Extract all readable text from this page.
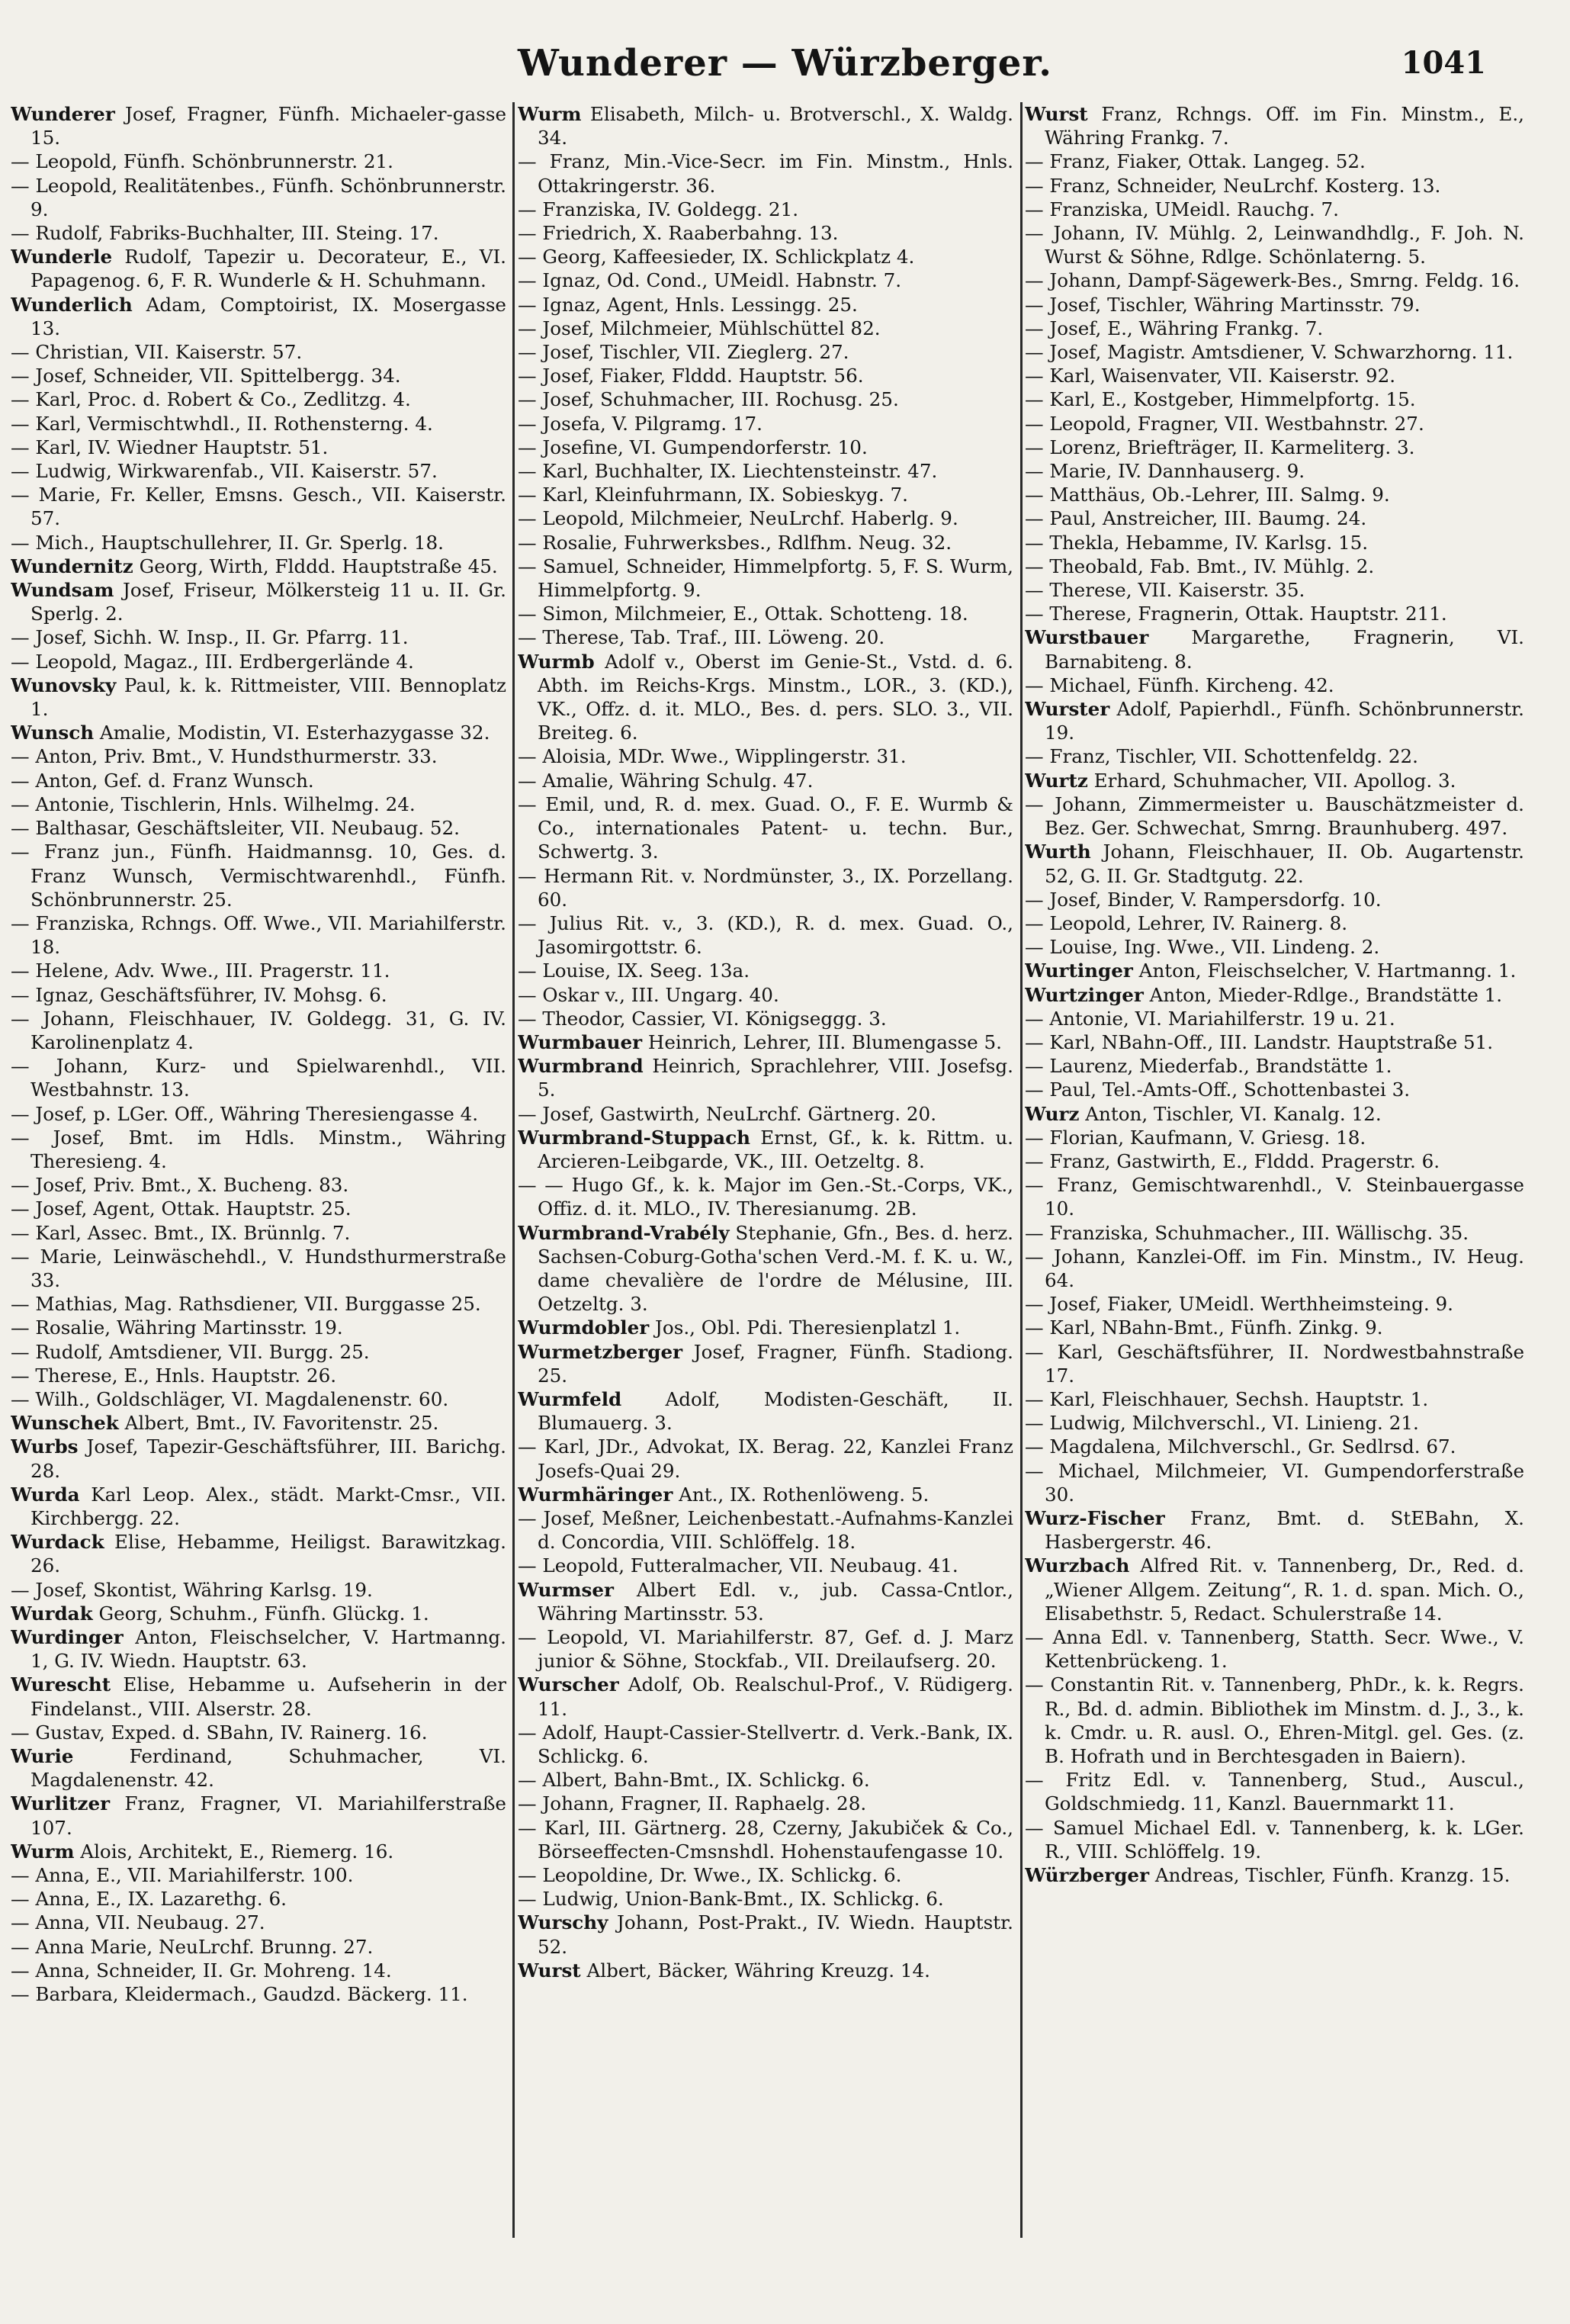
Wunderer — Würzberger.	1041

Wunderer Josef, Fragner, Fünfh. Michaeler-gasse 15.

— Leopold, Fünfh. Schönbrunnerstr. 21.

— Leopold, Realitätenbes., Fünfh. Schönbrunnerstr. 9.

— Rudolf, Fabriks-Buchhalter, III. Steing. 17.

Wunderle Rudolf, Tapezir u. Decorateur, E., VI. Papagenog. 6, F. R. Wunderle & H. Schuhmann.

Wunderlich Adam, Comptoirist, IX. Mosergasse 13.

— Christian, VII. Kaiserstr. 57.

— Josef, Schneider, VII. Spittelbergg. 34.

— Karl, Proc. d. Robert & Co., Zedlitzg. 4.

— Karl, Vermischtwhdl., II. Rothensterng. 4.

— Karl, IV. Wiedner Hauptstr. 51.

— Ludwig, Wirkwarenfab., VII. Kaiserstr. 57.

— Marie, Fr. Keller, Emsns. Gesch., VII. Kaiserstr. 57.

— Mich., Hauptschullehrer, II. Gr. Sperlg. 18.

Wundernitz Georg, Wirth, Flddd. Hauptstraße 45.

Wundsam Josef, Friseur, Mölkersteig 11 u. II. Gr. Sperlg. 2.

— Josef, Sichh. W. Insp., II. Gr. Pfarrg. 11.

— Leopold, Magaz., III. Erdbergerlände 4.

Wunovsky Paul, k. k. Rittmeister, VIII. Bennoplatz 1.

Wunsch Amalie, Modistin, VI. Esterhazygasse 32.

— Anton, Priv. Bmt., V. Hundsthurmerstr. 33.

— Anton, Gef. d. Franz Wunsch.

— Antonie, Tischlerin, Hnls. Wilhelmg. 24.

— Balthasar, Geschäftsleiter, VII. Neubaug. 52.

— Franz jun., Fünfh. Haidmannsg. 10, Ges. d. Franz Wunsch, Vermischtwarenhdl., Fünfh. Schönbrunnerstr. 25.

— Franziska, Rchngs. Off. Wwe., VII. Mariahilferstr. 18.

— Helene, Adv. Wwe., III. Pragerstr. 11.

— Ignaz, Geschäftsführer, IV. Mohsg. 6.

— Johann, Fleischhauer, IV. Goldegg. 31, G. IV. Karolinenplatz 4.

— Johann, Kurz- und Spielwarenhdl., VII. Westbahnstr. 13.

— Josef, p. LGer. Off., Währing Theresiengasse 4.

— Josef, Bmt. im Hdls. Minstm., Währing Theresieng. 4.

— Josef, Priv. Bmt., X. Bucheng. 83.

— Josef, Agent, Ottak. Hauptstr. 25.

— Karl, Assec. Bmt., IX. Brünnlg. 7.

— Marie, Leinwäschehdl., V. Hundsthurmerstraße 33.

— Mathias, Mag. Rathsdiener, VII. Burggasse 25.

— Rosalie, Währing Martinsstr. 19.

— Rudolf, Amtsdiener, VII. Burgg. 25.

— Therese, E., Hnls. Hauptstr. 26.

— Wilh., Goldschläger, VI. Magdalenenstr. 60.

Wunschek Albert, Bmt., IV. Favoritenstr. 25.

Wurbs Josef, Tapezir-Geschäftsführer, III. Barichg. 28.

Wurda Karl Leop. Alex., städt. Markt-Cmsr., VII. Kirchbergg. 22.

Wurdack Elise, Hebamme, Heiligst. Barawitzkag. 26.

— Josef, Skontist, Währing Karlsg. 19.

Wurdak Georg, Schuhm., Fünfh. Glückg. 1.

Wurdinger Anton, Fleischselcher, V. Hartmanng. 1, G. IV. Wiedn. Hauptstr. 63.

Wurescht Elise, Hebamme u. Aufseherin in der Findelanst., VIII. Alserstr. 28.

— Gustav, Exped. d. SBahn, IV. Rainerg. 16.

Wurie Ferdinand, Schuhmacher, VI. Magdalenenstr. 42.

Wurlitzer Franz, Fragner, VI. Mariahilferstraße 107.

Wurm Alois, Architekt, E., Riemerg. 16.

— Anna, E., VII. Mariahilferstr. 100.

— Anna, E., IX. Lazarethg. 6.

— Anna, VII. Neubaug. 27.

— Anna Marie, NeuLrchf. Brunng. 27.

— Anna, Schneider, II. Gr. Mohreng. 14.

— Barbara, Kleidermach., Gaudzd. Bäckerg. 11.

Wurm Elisabeth, Milch- u. Brotverschl., X. Waldg. 34.

— Franz, Min.-Vice-Secr. im Fin. Minstm., Hnls. Ottakringerstr. 36.

— Franziska, IV. Goldegg. 21.

— Friedrich, X. Raaberbahng. 13.

— Georg, Kaffeesieder, IX. Schlickplatz 4.

— Ignaz, Od. Cond., UMeidl. Habnstr. 7.

— Ignaz, Agent, Hnls. Lessingg. 25.

— Josef, Milchmeier, Mühlschüttel 82.

— Josef, Tischler, VII. Zieglerg. 27.

— Josef, Fiaker, Flddd. Hauptstr. 56.

— Josef, Schuhmacher, III. Rochusg. 25.

— Josefa, V. Pilgramg. 17.

— Josefine, VI. Gumpendorferstr. 10.

— Karl, Buchhalter, IX. Liechtensteinstr. 47.

— Karl, Kleinfuhrmann, IX. Sobieskyg. 7.

— Leopold, Milchmeier, NeuLrchf. Haberlg. 9.

— Rosalie, Fuhrwerksbes., Rdlfhm. Neug. 32.

— Samuel, Schneider, Himmelpfortg. 5, F. S. Wurm, Himmelpfortg. 9.

— Simon, Milchmeier, E., Ottak. Schotteng. 18.

— Therese, Tab. Traf., III. Löweng. 20.

Wurmb Adolf v., Oberst im Genie-St., Vstd. d. 6. Abth. im Reichs-Krgs. Minstm., LOR., 3. (KD.), VK., Offz. d. it. MLO., Bes. d. pers. SLO. 3., VII. Breiteg. 6.

— Aloisia, MDr. Wwe., Wipplingerstr. 31.

— Amalie, Währing Schulg. 47.

— Emil, und, R. d. mex. Guad. O., F. E. Wurmb & Co., internationales Patent- u. techn. Bur., Schwertg. 3.

— Hermann Rit. v. Nordmünster, 3., IX. Porzellang. 60.

— Julius Rit. v., 3. (KD.), R. d. mex. Guad. O., Jasomirgottstr. 6.

— Louise, IX. Seeg. 13a.

— Oskar v., III. Ungarg. 40.

— Theodor, Cassier, VI. Königseggg. 3.

Wurmbauer Heinrich, Lehrer, III. Blumengasse 5.

Wurmbrand Heinrich, Sprachlehrer, VIII. Josefsg. 5.

— Josef, Gastwirth, NeuLrchf. Gärtnerg. 20.

Wurmbrand-Stuppach Ernst, Gf., k. k. Rittm. u. Arcieren-Leibgarde, VK., III. Oetzeltg. 8.

— — Hugo Gf., k. k. Major im Gen.-St.-Corps, VK., Offiz. d. it. MLO., IV. Theresianumg. 2B.

Wurmbrand-Vrabély Stephanie, Gfn., Bes. d. herz. Sachsen-Coburg-Gotha'schen Verd.-M. f. K. u. W., dame chevalière de l'ordre de Mélusine, III. Oetzeltg. 3.

Wurmdobler Jos., Obl. Pdi. Theresienplatzl 1.

Wurmetzberger Josef, Fragner, Fünfh. Stadiong. 25.

Wurmfeld Adolf, Modisten-Geschäft, II. Blumauerg. 3.

— Karl, JDr., Advokat, IX. Berag. 22, Kanzlei Franz Josefs-Quai 29.

Wurmhäringer Ant., IX. Rothenlöweng. 5.

— Josef, Meßner, Leichenbestatt.-Aufnahms-Kanzlei d. Concordia, VIII. Schlöffelg. 18.

— Leopold, Futteralmacher, VII. Neubaug. 41.

Wurmser Albert Edl. v., jub. Cassa-Cntlor., Währing Martinsstr. 53.

— Leopold, VI. Mariahilferstr. 87, Gef. d. J. Marz junior & Söhne, Stockfab., VII. Dreilaufserg. 20.

Wurscher Adolf, Ob. Realschul-Prof., V. Rüdigerg. 11.

— Adolf, Haupt-Cassier-Stellvertr. d. Verk.-Bank, IX. Schlickg. 6.

— Albert, Bahn-Bmt., IX. Schlickg. 6.

— Johann, Fragner, II. Raphaelg. 28.

— Karl, III. Gärtnerg. 28, Czerny, Jakubiček & Co., Börseeffecten-Cmsnshdl. Hohenstaufengasse 10.

— Leopoldine, Dr. Wwe., IX. Schlickg. 6.

— Ludwig, Union-Bank-Bmt., IX. Schlickg. 6.

Wurschy Johann, Post-Prakt., IV. Wiedn. Hauptstr. 52.

Wurst Albert, Bäcker, Währing Kreuzg. 14.

Wurst Franz, Rchngs. Off. im Fin. Minstm., E., Währing Frankg. 7.

— Franz, Fiaker, Ottak. Langeg. 52.

— Franz, Schneider, NeuLrchf. Kosterg. 13.

— Franziska, UMeidl. Rauchg. 7.

— Johann, IV. Mühlg. 2, Leinwandhdlg., F. Joh. N. Wurst & Söhne, Rdlge. Schönlaterng. 5.

— Johann, Dampf-Sägewerk-Bes., Smrng. Feldg. 16.

— Josef, Tischler, Währing Martinsstr. 79.

— Josef, E., Währing Frankg. 7.

— Josef, Magistr. Amtsdiener, V. Schwarzhorng. 11.

— Karl, Waisenvater, VII. Kaiserstr. 92.

— Karl, E., Kostgeber, Himmelpfortg. 15.

— Leopold, Fragner, VII. Westbahnstr. 27.

— Lorenz, Briefträger, II. Karmeliterg. 3.

— Marie, IV. Dannhauserg. 9.

— Matthäus, Ob.-Lehrer, III. Salmg. 9.

— Paul, Anstreicher, III. Baumg. 24.

— Thekla, Hebamme, IV. Karlsg. 15.

— Theobald, Fab. Bmt., IV. Mühlg. 2.

— Therese, VII. Kaiserstr. 35.

— Therese, Fragnerin, Ottak. Hauptstr. 211.

Wurstbauer Margarethe, Fragnerin, VI. Barnabiteng. 8.

— Michael, Fünfh. Kircheng. 42.

Wurster Adolf, Papierhdl., Fünfh. Schönbrunnerstr. 19.

— Franz, Tischler, VII. Schottenfeldg. 22.

Wurtz Erhard, Schuhmacher, VII. Apollog. 3.

— Johann, Zimmermeister u. Bauschätzmeister d. Bez. Ger. Schwechat, Smrng. Braunhuberg. 497.

Wurth Johann, Fleischhauer, II. Ob. Augartenstr. 52, G. II. Gr. Stadtgutg. 22.

— Josef, Binder, V. Rampersdorfg. 10.

— Leopold, Lehrer, IV. Rainerg. 8.

— Louise, Ing. Wwe., VII. Lindeng. 2.

Wurtinger Anton, Fleischselcher, V. Hartmanng. 1.

Wurtzinger Anton, Mieder-Rdlge., Brandstätte 1.

— Antonie, VI. Mariahilferstr. 19 u. 21.

— Karl, NBahn-Off., III. Landstr. Hauptstraße 51.

— Laurenz, Miederfab., Brandstätte 1.

— Paul, Tel.-Amts-Off., Schottenbastei 3.

Wurz Anton, Tischler, VI. Kanalg. 12.

— Florian, Kaufmann, V. Griesg. 18.

— Franz, Gastwirth, E., Flddd. Pragerstr. 6.

— Franz, Gemischtwarenhdl., V. Steinbauergasse 10.

— Franziska, Schuhmacher., III. Wällischg. 35.

— Johann, Kanzlei-Off. im Fin. Minstm., IV. Heug. 64.

— Josef, Fiaker, UMeidl. Werthheimsteing. 9.

— Karl, NBahn-Bmt., Fünfh. Zinkg. 9.

— Karl, Geschäftsführer, II. Nordwestbahnstraße 17.

— Karl, Fleischhauer, Sechsh. Hauptstr. 1.

— Ludwig, Milchverschl., VI. Linieng. 21.

— Magdalena, Milchverschl., Gr. Sedlrsd. 67.

— Michael, Milchmeier, VI. Gumpendorferstraße 30.

Wurz-Fischer Franz, Bmt. d. StEBahn, X. Hasbergerstr. 46.

Wurzbach Alfred Rit. v. Tannenberg, Dr., Red. d. „Wiener Allgem. Zeitung“, R. 1. d. span. Mich. O., Elisabethstr. 5, Redact. Schulerstraße 14.

— Anna Edl. v. Tannenberg, Statth. Secr. Wwe., V. Kettenbrückeng. 1.

— Constantin Rit. v. Tannenberg, PhDr., k. k. Regrs. R., Bd. d. admin. Bibliothek im Minstm. d. J., 3., k. k. Cmdr. u. R. ausl. O., Ehren-Mitgl. gel. Ges. (z. B. Hofrath und in Berchtesgaden in Baiern).

— Fritz Edl. v. Tannenberg, Stud., Auscul., Goldschmiedg. 11, Kanzl. Bauernmarkt 11.

— Samuel Michael Edl. v. Tannenberg, k. k. LGer. R., VIII. Schlöffelg. 19.

Würzberger Andreas, Tischler, Fünfh. Kranzg. 15.
